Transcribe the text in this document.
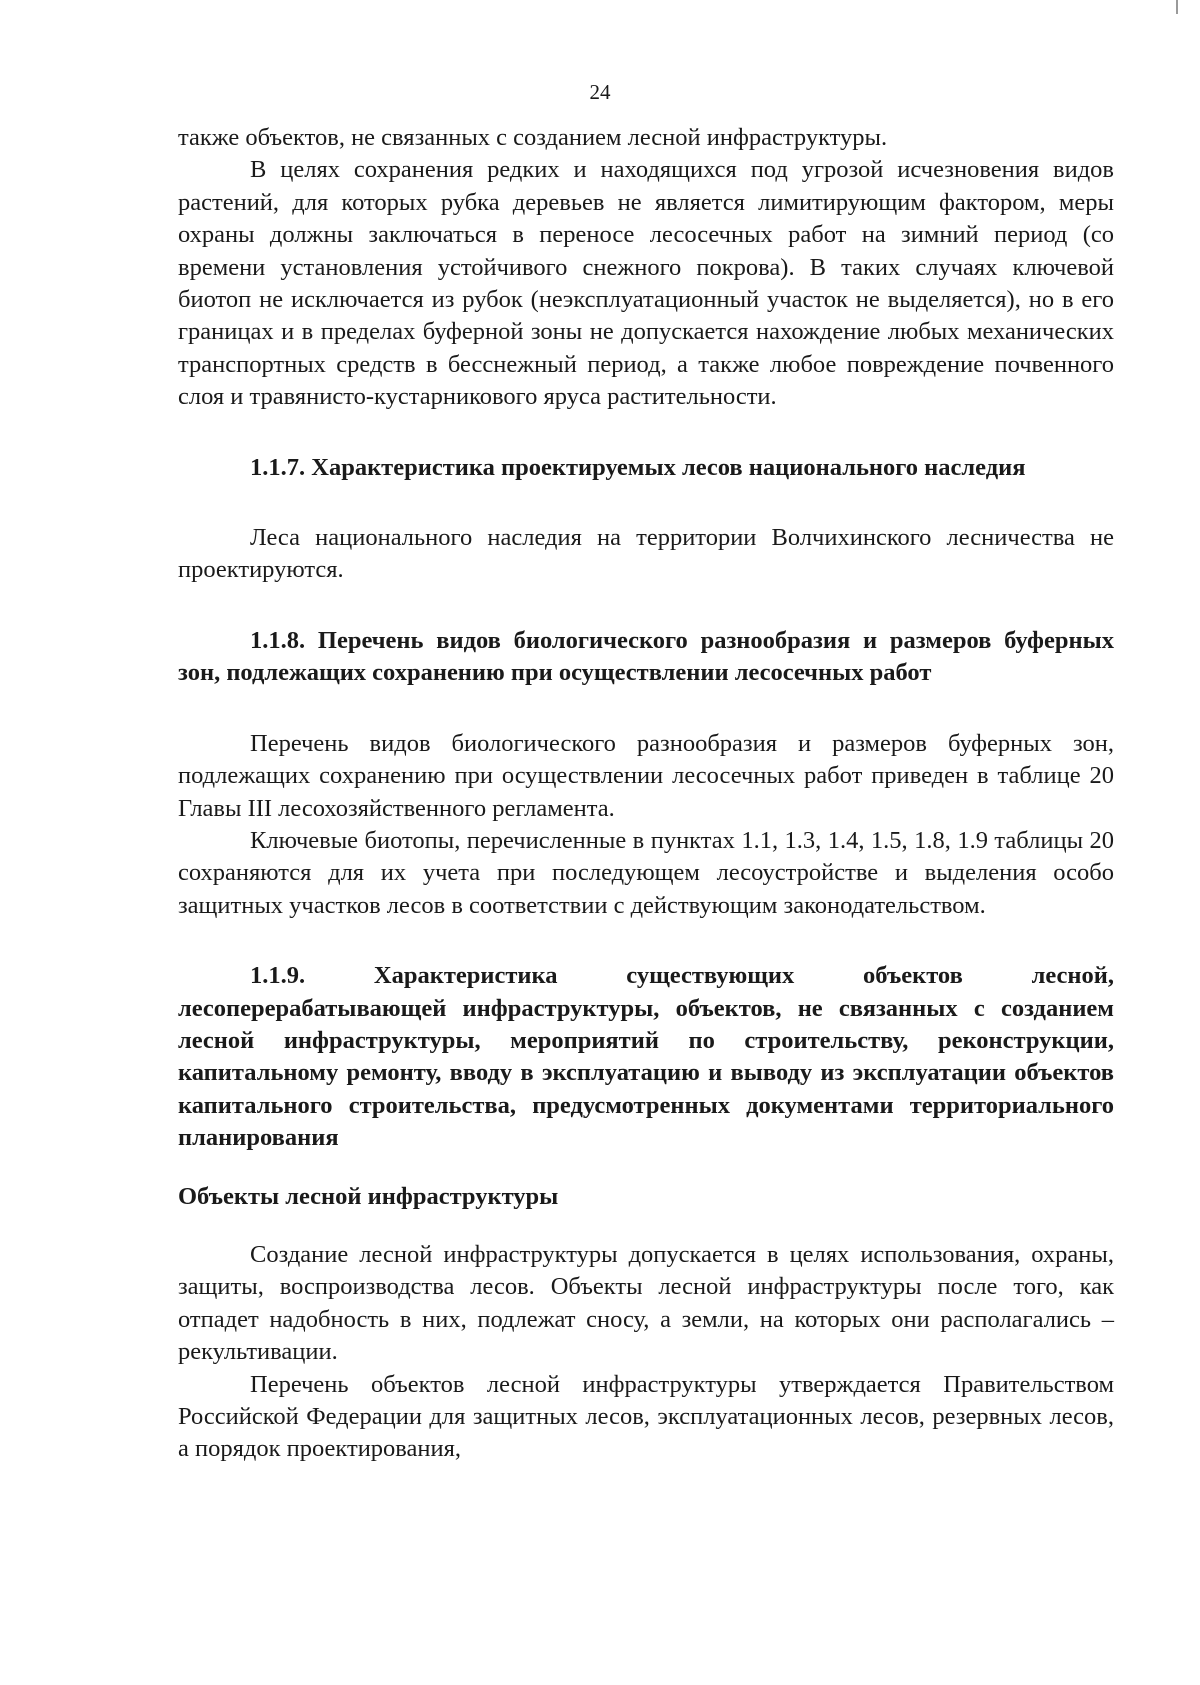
24

также объектов, не связанных с созданием лесной инфраструктуры.

В целях сохранения редких и находящихся под угрозой исчезновения видов растений, для которых рубка деревьев не является лимитирующим фактором, меры охраны должны заключаться в переносе лесосечных работ на зимний период (со времени установления устойчивого снежного покрова). В таких случаях ключевой биотоп не исключается из рубок (неэксплуатационный участок не выделяется), но в его границах и в пределах буферной зоны не допускается нахождение любых механических транспортных средств в бесснежный период, а также любое повреждение почвенного слоя и травянисто-кустарникового яруса растительности.

1.1.7. Характеристика проектируемых лесов национального наследия

Леса национального наследия на территории Волчихинского лесничества не проектируются.

1.1.8. Перечень видов биологического разнообразия и размеров буферных зон, подлежащих сохранению при осуществлении лесосечных работ

Перечень видов биологического разнообразия и размеров буферных зон, подлежащих сохранению при осуществлении лесосечных работ приведен в таблице 20 Главы III лесохозяйственного регламента.

Ключевые биотопы, перечисленные в пунктах 1.1, 1.3, 1.4, 1.5, 1.8, 1.9 таблицы 20 сохраняются для их учета при последующем лесоустройстве и выделения особо защитных участков лесов в соответствии с действующим законодательством.

1.1.9. Характеристика существующих объектов лесной, лесоперерабатывающей инфраструктуры, объектов, не связанных с созданием лесной инфраструктуры, мероприятий по строительству, реконструкции, капитальному ремонту, вводу в эксплуатацию и выводу из эксплуатации объектов капитального строительства, предусмотренных документами территориального планирования

Объекты лесной инфраструктуры

Создание лесной инфраструктуры допускается в целях использования, охраны, защиты, воспроизводства лесов. Объекты лесной инфраструктуры после того, как отпадет надобность в них, подлежат сносу, а земли, на которых они располагались – рекультивации.

Перечень объектов лесной инфраструктуры утверждается Правительством Российской Федерации для защитных лесов, эксплуатационных лесов, резервных лесов, а порядок проектирования,
